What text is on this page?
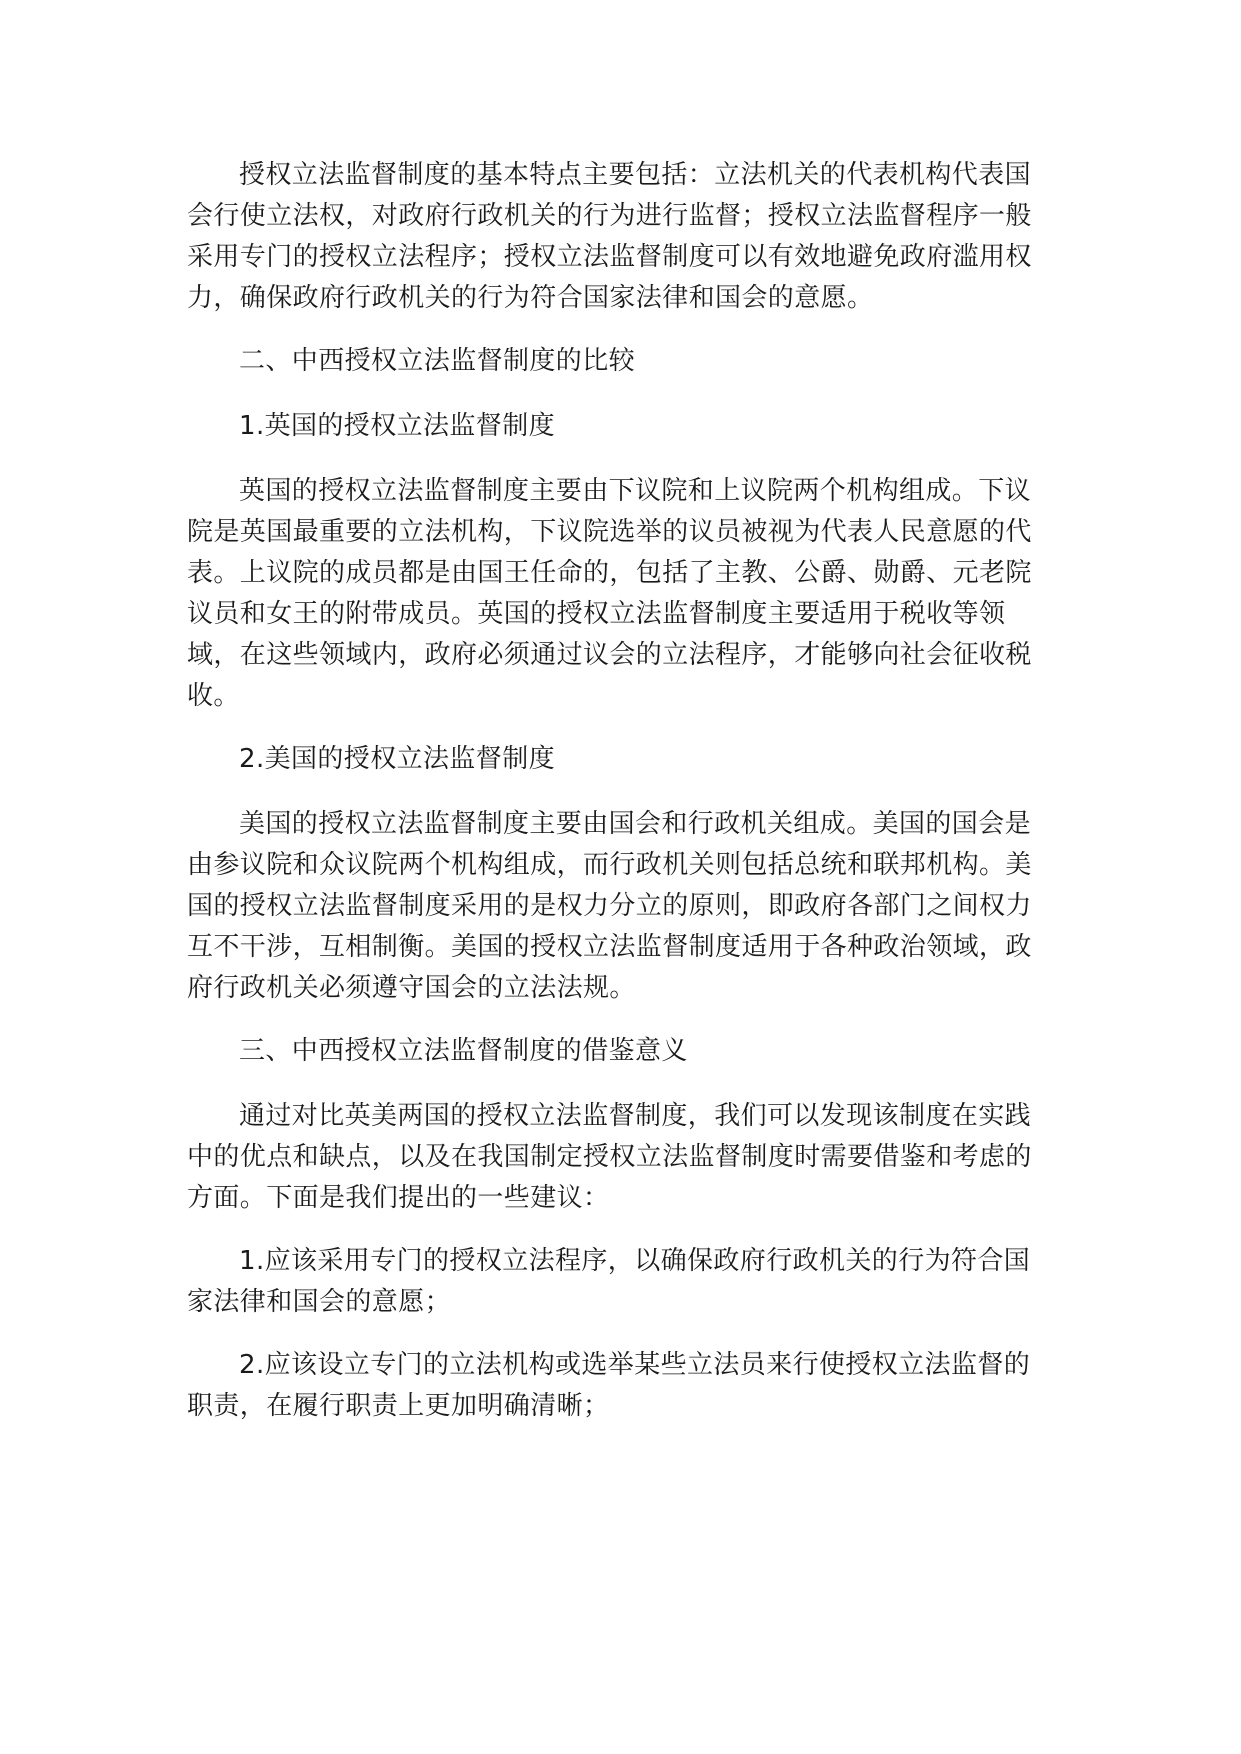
授权立法监督制度的基本特点主要包括：立法机关的代表机构代表国会行使立法权，对政府行政机关的行为进行监督；授权立法监督程序一般采用专门的授权立法程序；授权立法监督制度可以有效地避免政府滥用权力，确保政府行政机关的行为符合国家法律和国会的意愿。

二、中西授权立法监督制度的比较

1.英国的授权立法监督制度

英国的授权立法监督制度主要由下议院和上议院两个机构组成。下议院是英国最重要的立法机构，下议院选举的议员被视为代表人民意愿的代表。上议院的成员都是由国王任命的，包括了主教、公爵、勋爵、元老院议员和女王的附带成员。英国的授权立法监督制度主要适用于税收等领域，在这些领域内，政府必须通过议会的立法程序，才能够向社会征收税收。

2.美国的授权立法监督制度

美国的授权立法监督制度主要由国会和行政机关组成。美国的国会是由参议院和众议院两个机构组成，而行政机关则包括总统和联邦机构。美国的授权立法监督制度采用的是权力分立的原则，即政府各部门之间权力互不干涉，互相制衡。美国的授权立法监督制度适用于各种政治领域，政府行政机关必须遵守国会的立法法规。

三、中西授权立法监督制度的借鉴意义

通过对比英美两国的授权立法监督制度，我们可以发现该制度在实践中的优点和缺点，以及在我国制定授权立法监督制度时需要借鉴和考虑的方面。下面是我们提出的一些建议：

1.应该采用专门的授权立法程序，以确保政府行政机关的行为符合国家法律和国会的意愿；

2.应该设立专门的立法机构或选举某些立法员来行使授权立法监督的职责，在履行职责上更加明确清晰；
